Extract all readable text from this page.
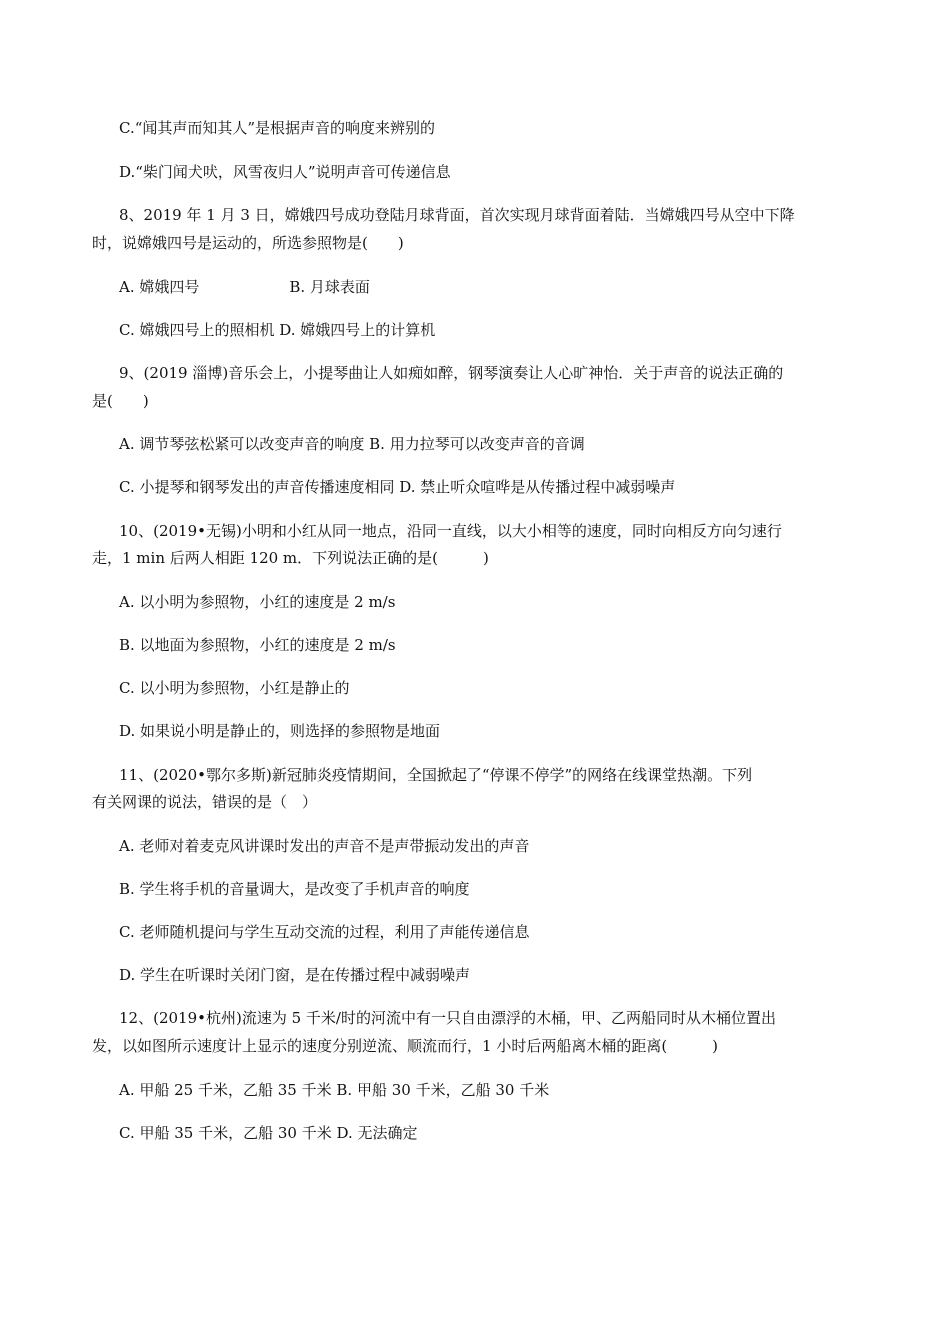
C.“闻其声而知其人”是根据声音的响度来辨别的
D.“柴门闻犬吠，风雪夜归人”说明声音可传递信息
8、2019 年 1 月 3 日，嫦娥四号成功登陆月球背面，首次实现月球背面着陆．当嫦娥四号从空中下降
时，说嫦娥四号是运动的，所选参照物是(　　)
A. 嫦娥四号	B. 月球表面
C. 嫦娥四号上的照相机 D. 嫦娥四号上的计算机
9、(2019 淄博)音乐会上，小提琴曲让人如痴如醉，钢琴演奏让人心旷神怡．关于声音的说法正确的
是(　　)
A. 调节琴弦松紧可以改变声音的响度 B. 用力拉琴可以改变声音的音调
C. 小提琴和钢琴发出的声音传播速度相同 D. 禁止听众喧哗是从传播过程中减弱噪声
10、(2019•无锡)小明和小红从同一地点，沿同一直线，以大小相等的速度，同时向相反方向匀速行
走，1 min 后两人相距 120 m．下列说法正确的是(　　　)
A. 以小明为参照物，小红的速度是 2 m/s
B. 以地面为参照物，小红的速度是 2 m/s
C. 以小明为参照物，小红是静止的
D. 如果说小明是静止的，则选择的参照物是地面
11、(2020•鄂尔多斯)新冠肺炎疫情期间，全国掀起了“停课不停学”的网络在线课堂热潮。下列
有关网课的说法，错误的是（　）
A. 老师对着麦克风讲课时发出的声音不是声带振动发出的声音
B. 学生将手机的音量调大，是改变了手机声音的响度
C. 老师随机提问与学生互动交流的过程，利用了声能传递信息
D. 学生在听课时关闭门窗，是在传播过程中减弱噪声
12、(2019•杭州)流速为 5 千米/时的河流中有一只自由漂浮的木桶，甲、乙两船同时从木桶位置出
发，以如图所示速度计上显示的速度分别逆流、顺流而行，1 小时后两船离木桶的距离(　　　)
A. 甲船 25 千米，乙船 35 千米 B. 甲船 30 千米，乙船 30 千米
C. 甲船 35 千米，乙船 30 千米 D. 无法确定
